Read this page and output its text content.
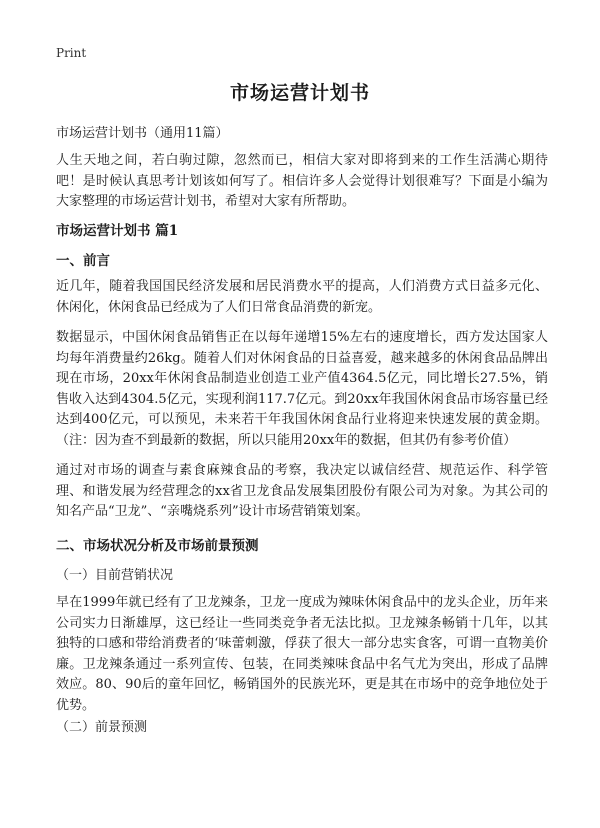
Print
市场运营计划书
市场运营计划书（通用11篇）

人生天地之间，若白驹过隙，忽然而已，相信大家对即将到来的工作生活满心期待吧！是时候认真思考计划该如何写了。相信许多人会觉得计划很难写？下面是小编为大家整理的市场运营计划书，希望对大家有所帮助。

市场运营计划书 篇1
一、前言

近几年，随着我国国民经济发展和居民消费水平的提高，人们消费方式日益多元化、休闲化，休闲食品已经成为了人们日常食品消费的新宠。

数据显示，中国休闲食品销售正在以每年递增15%左右的速度增长，西方发达国家人均每年消费量约26kg。随着人们对休闲食品的日益喜爱，越来越多的休闲食品品牌出现在市场，20xx年休闲食品制造业创造工业产值4364.5亿元，同比增长27.5%，销售收入达到4304.5亿元，实现利润117.7亿元。到20xx年我国休闲食品市场容量已经达到400亿元，可以预见，未来若干年我国休闲食品行业将迎来快速发展的黄金期。（注：因为查不到最新的数据，所以只能用20xx年的数据，但其仍有参考价值）

通过对市场的调查与素食麻辣食品的考察，我决定以诚信经营、规范运作、科学管理、和谐发展为经营理念的xx省卫龙食品发展集团股份有限公司为对象。为其公司的知名产品“卫龙”、“亲嘴烧系列”设计市场营销策划案。

二、市场状况分析及市场前景预测
（一）目前营销状况

早在1999年就已经有了卫龙辣条，卫龙一度成为辣味休闲食品中的龙头企业，历年来公司实力日渐雄厚，这已经让一些同类竞争者无法比拟。卫龙辣条畅销十几年，以其独特的口感和带给消费者的‘味蕾刺激，俘获了很大一部分忠实食客，可谓一直物美价廉。卫龙辣条通过一系列宣传、包装，在同类辣味食品中名气尤为突出，形成了品牌效应。80、90后的童年回忆，畅销国外的民族光环，更是其在市场中的竞争地位处于优势。

（二）前景预测
